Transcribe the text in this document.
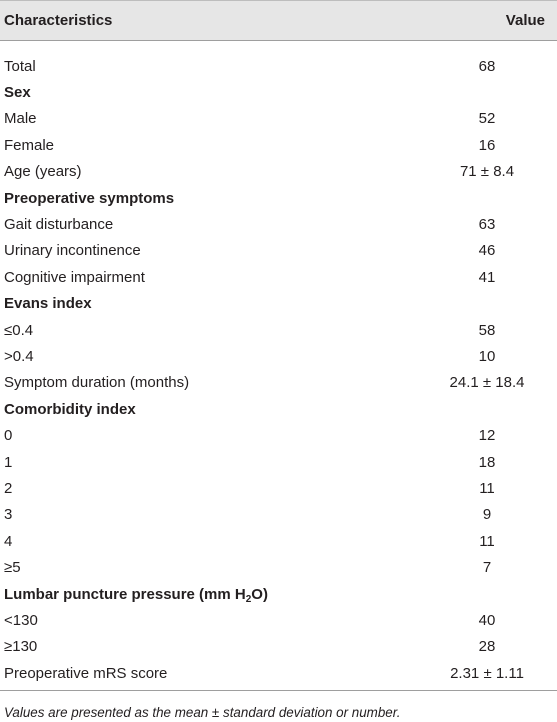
Characteristics	Value
Total	68
Sex
Male	52
Female	16
Age (years)	71 ± 8.4
Preoperative symptoms
Gait disturbance	63
Urinary incontinence	46
Cognitive impairment	41
Evans index
≤0.4	58
>0.4	10
Symptom duration (months)	24.1 ± 18.4
Comorbidity index
0	12
1	18
2	11
3	9
4	11
≥5	7
Lumbar puncture pressure (mm $H_2O$)
<130	40
≥130	28
Preoperative mRS score	2.31 ± 1.11
Values are presented as the mean ± standard deviation or number.
